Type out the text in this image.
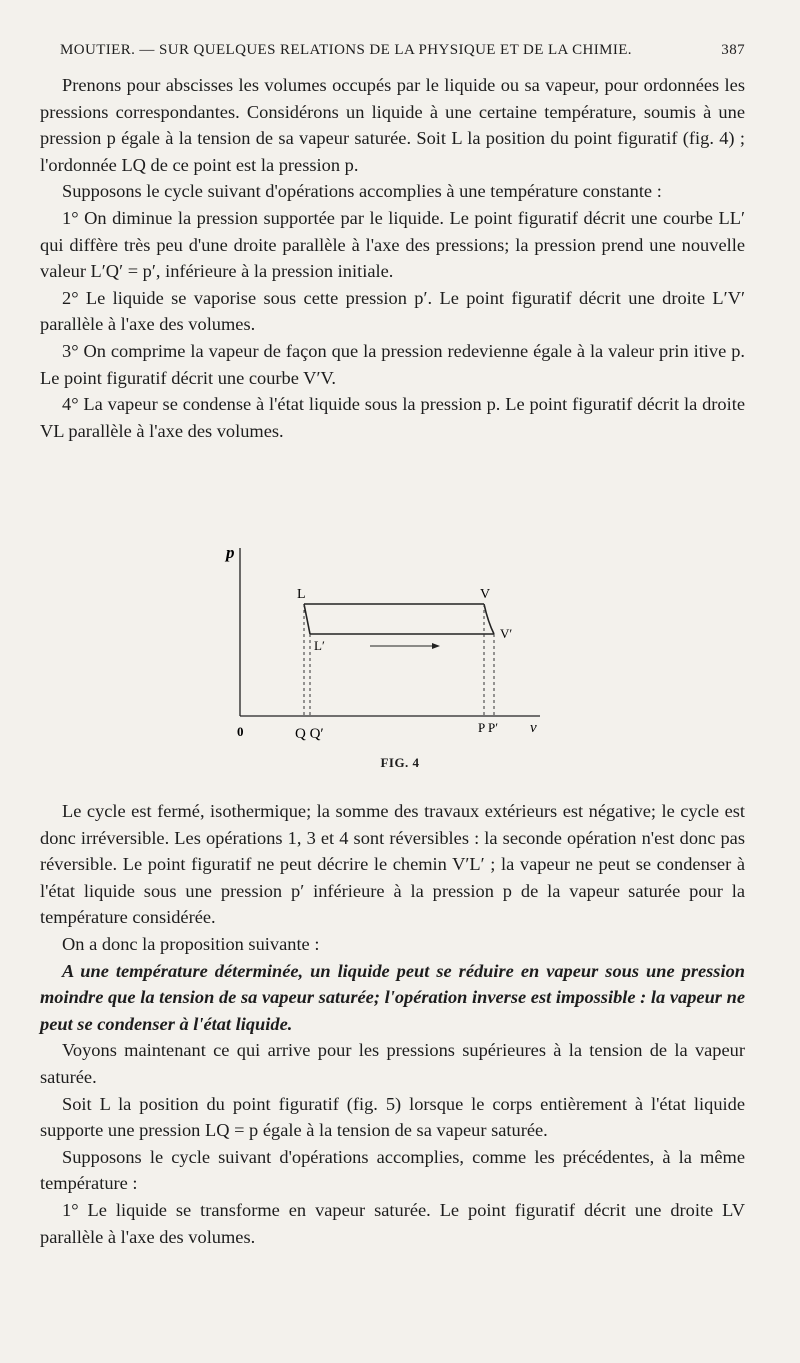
MOUTIER. — SUR QUELQUES RELATIONS DE LA PHYSIQUE ET DE LA CHIMIE.	387

Prenons pour abscisses les volumes occupés par le liquide ou sa vapeur, pour ordonnées les pressions correspondantes. Considérons un liquide à une certaine température, soumis à une pression p égale à la tension de sa vapeur saturée. Soit L la position du point figuratif (fig. 4) ; l'ordonnée LQ de ce point est la pression p.

Supposons le cycle suivant d'opérations accomplies à une température constante :

1° On diminue la pression supportée par le liquide. Le point figuratif décrit une courbe LL′ qui diffère très peu d'une droite parallèle à l'axe des pressions; la pression prend une nouvelle valeur L′Q′ = p′, inférieure à la pression initiale.

2° Le liquide se vaporise sous cette pression p′. Le point figuratif décrit une droite L′V′ parallèle à l'axe des volumes.

3° On comprime la vapeur de façon que la pression redevienne égale à la valeur prin itive p. Le point figuratif décrit une courbe V′V.

4° La vapeur se condense à l'état liquide sous la pression p. Le point figuratif décrit la droite VL parallèle à l'axe des volumes.

p
0	v
L	V
L′
V′
Q Q′	P P′
FIG. 4

Le cycle est fermé, isothermique; la somme des travaux extérieurs est négative; le cycle est donc irréversible. Les opérations 1, 3 et 4 sont réversibles : la seconde opération n'est donc pas réversible. Le point figuratif ne peut décrire le chemin V′L′ ; la vapeur ne peut se condenser à l'état liquide sous une pression p′ inférieure à la pression p de la vapeur saturée pour la température considérée.

On a donc la proposition suivante :

A une température déterminée, un liquide peut se réduire en vapeur sous une pression moindre que la tension de sa vapeur saturée; l'opération inverse est impossible : la vapeur ne peut se condenser à l'état liquide.

Voyons maintenant ce qui arrive pour les pressions supérieures à la tension de la vapeur saturée.

Soit L la position du point figuratif (fig. 5) lorsque le corps entièrement à l'état liquide supporte une pression LQ = p égale à la tension de sa vapeur saturée.

Supposons le cycle suivant d'opérations accomplies, comme les précédentes, à la même température :

1° Le liquide se transforme en vapeur saturée. Le point figuratif décrit une droite LV parallèle à l'axe des volumes.
